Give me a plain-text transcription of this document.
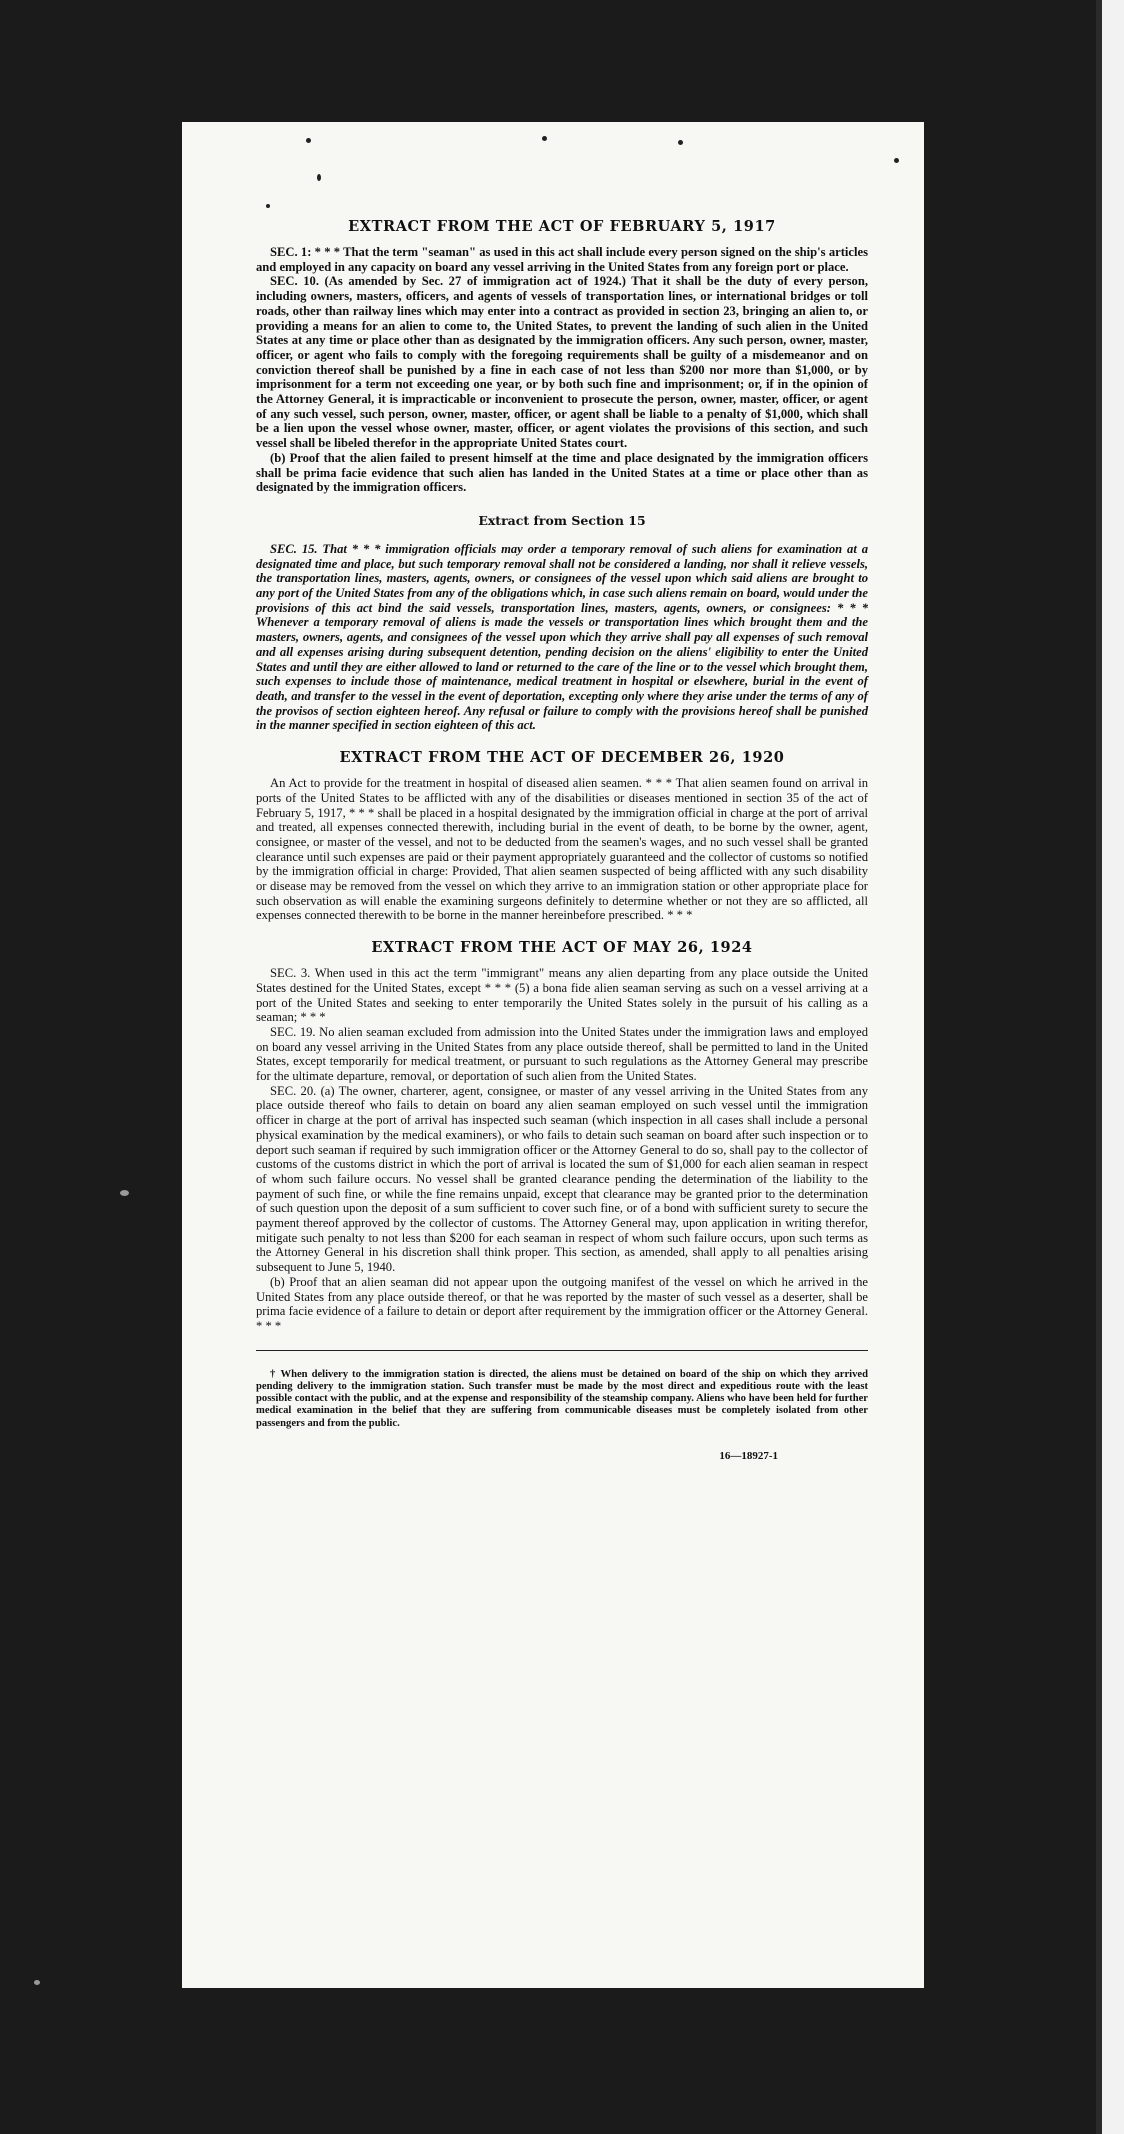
EXTRACT FROM THE ACT OF FEBRUARY 5, 1917

SEC. 1: * * * That the term "seaman" as used in this act shall include every person signed on the ship's articles and employed in any capacity on board any vessel arriving in the United States from any foreign port or place.

SEC. 10. (As amended by Sec. 27 of immigration act of 1924.) That it shall be the duty of every person, including owners, masters, officers, and agents of vessels of transportation lines, or international bridges or toll roads, other than railway lines which may enter into a contract as provided in section 23, bringing an alien to, or providing a means for an alien to come to, the United States, to prevent the landing of such alien in the United States at any time or place other than as designated by the immigration officers. Any such person, owner, master, officer, or agent who fails to comply with the foregoing requirements shall be guilty of a misdemeanor and on conviction thereof shall be punished by a fine in each case of not less than $200 nor more than $1,000, or by imprisonment for a term not exceeding one year, or by both such fine and imprisonment; or, if in the opinion of the Attorney General, it is impracticable or inconvenient to prosecute the person, owner, master, officer, or agent of any such vessel, such person, owner, master, officer, or agent shall be liable to a penalty of $1,000, which shall be a lien upon the vessel whose owner, master, officer, or agent violates the provisions of this section, and such vessel shall be libeled therefor in the appropriate United States court.

(b) Proof that the alien failed to present himself at the time and place designated by the immigration officers shall be prima facie evidence that such alien has landed in the United States at a time or place other than as designated by the immigration officers.

Extract from Section 15

SEC. 15. That * * * immigration officials may order a temporary removal of such aliens for examination at a designated time and place, but such temporary removal shall not be considered a landing, nor shall it relieve vessels, the transportation lines, masters, agents, owners, or consignees of the vessel upon which said aliens are brought to any port of the United States from any of the obligations which, in case such aliens remain on board, would under the provisions of this act bind the said vessels, transportation lines, masters, agents, owners, or consignees: * * * Whenever a temporary removal of aliens is made the vessels or transportation lines which brought them and the masters, owners, agents, and consignees of the vessel upon which they arrive shall pay all expenses of such removal and all expenses arising during subsequent detention, pending decision on the aliens' eligibility to enter the United States and until they are either allowed to land or returned to the care of the line or to the vessel which brought them, such expenses to include those of maintenance, medical treatment in hospital or elsewhere, burial in the event of death, and transfer to the vessel in the event of deportation, excepting only where they arise under the terms of any of the provisos of section eighteen hereof. Any refusal or failure to comply with the provisions hereof shall be punished in the manner specified in section eighteen of this act.

EXTRACT FROM THE ACT OF DECEMBER 26, 1920

An Act to provide for the treatment in hospital of diseased alien seamen. * * * That alien seamen found on arrival in ports of the United States to be afflicted with any of the disabilities or diseases mentioned in section 35 of the act of February 5, 1917, * * * shall be placed in a hospital designated by the immigration official in charge at the port of arrival and treated, all expenses connected therewith, including burial in the event of death, to be borne by the owner, agent, consignee, or master of the vessel, and not to be deducted from the seamen's wages, and no such vessel shall be granted clearance until such expenses are paid or their payment appropriately guaranteed and the collector of customs so notified by the immigration official in charge: Provided, That alien seamen suspected of being afflicted with any such disability or disease may be removed from the vessel on which they arrive to an immigration station or other appropriate place for such observation as will enable the examining surgeons definitely to determine whether or not they are so afflicted, all expenses connected therewith to be borne in the manner hereinbefore prescribed. * * *

EXTRACT FROM THE ACT OF MAY 26, 1924

SEC. 3. When used in this act the term "immigrant" means any alien departing from any place outside the United States destined for the United States, except * * * (5) a bona fide alien seaman serving as such on a vessel arriving at a port of the United States and seeking to enter temporarily the United States solely in the pursuit of his calling as a seaman; * * *

SEC. 19. No alien seaman excluded from admission into the United States under the immigration laws and employed on board any vessel arriving in the United States from any place outside thereof, shall be permitted to land in the United States, except temporarily for medical treatment, or pursuant to such regulations as the Attorney General may prescribe for the ultimate departure, removal, or deportation of such alien from the United States.

SEC. 20. (a) The owner, charterer, agent, consignee, or master of any vessel arriving in the United States from any place outside thereof who fails to detain on board any alien seaman employed on such vessel until the immigration officer in charge at the port of arrival has inspected such seaman (which inspection in all cases shall include a personal physical examination by the medical examiners), or who fails to detain such seaman on board after such inspection or to deport such seaman if required by such immigration officer or the Attorney General to do so, shall pay to the collector of customs of the customs district in which the port of arrival is located the sum of $1,000 for each alien seaman in respect of whom such failure occurs. No vessel shall be granted clearance pending the determination of the liability to the payment of such fine, or while the fine remains unpaid, except that clearance may be granted prior to the determination of such question upon the deposit of a sum sufficient to cover such fine, or of a bond with sufficient surety to secure the payment thereof approved by the collector of customs. The Attorney General may, upon application in writing therefor, mitigate such penalty to not less than $200 for each seaman in respect of whom such failure occurs, upon such terms as the Attorney General in his discretion shall think proper. This section, as amended, shall apply to all penalties arising subsequent to June 5, 1940.

(b) Proof that an alien seaman did not appear upon the outgoing manifest of the vessel on which he arrived in the United States from any place outside thereof, or that he was reported by the master of such vessel as a deserter, shall be prima facie evidence of a failure to detain or deport after requirement by the immigration officer or the Attorney General. * * *

† When delivery to the immigration station is directed, the aliens must be detained on board of the ship on which they arrived pending delivery to the immigration station. Such transfer must be made by the most direct and expeditious route with the least possible contact with the public, and at the expense and responsibility of the steamship company. Aliens who have been held for further medical examination in the belief that they are suffering from communicable diseases must be completely isolated from other passengers and from the public.

16—18927-1
